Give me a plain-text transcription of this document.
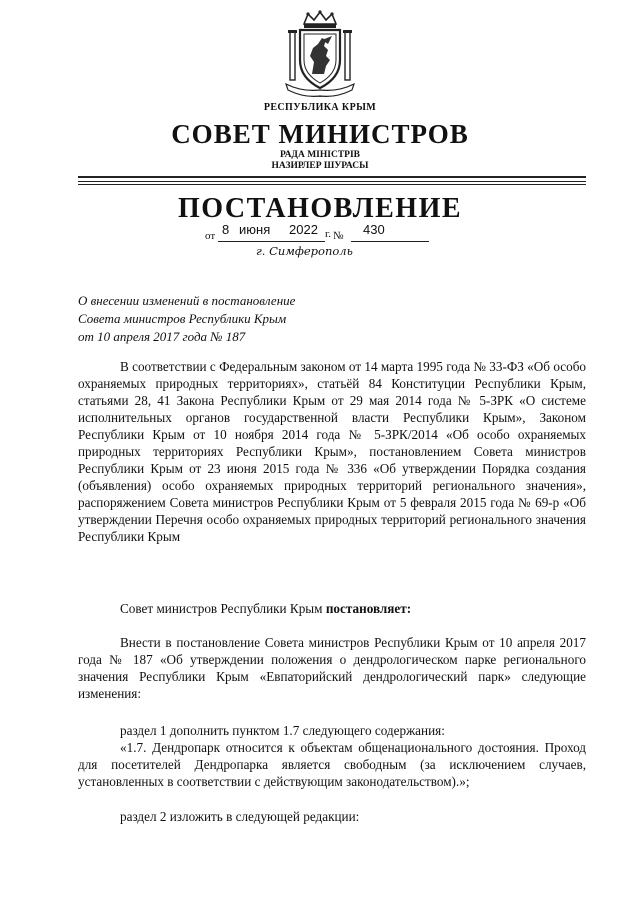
РЕСПУБЛИКА КРЫМ
СОВЕТ МИНИСТРОВ
РАДА МІНІСТРІВ
НАЗИРЛЕР ШУРАСЫ
ПОСТАНОВЛЕНИЕ
от 8 июня 2022 г. № 430
г. Симферополь
О внесении изменений в постановление
Совета министров Республики Крым
от 10 апреля 2017 года № 187
В соответствии с Федеральным законом от 14 марта 1995 года № 33-ФЗ «Об особо охраняемых природных территориях», статьёй 84 Конституции Республики Крым, статьями 28, 41 Закона Республики Крым от 29 мая 2014 года № 5-ЗРК «О системе исполнительных органов государственной власти Республики Крым», Законом Республики Крым от 10 ноября 2014 года № 5-ЗРК/2014 «Об особо охраняемых природных территориях Республики Крым», постановлением Совета министров Республики Крым от 23 июня 2015 года № 336 «Об утверждении Порядка создания (объявления) особо охраняемых природных территорий регионального значения», распоряжением Совета министров Республики Крым от 5 февраля 2015 года № 69-р «Об утверждении Перечня особо охраняемых природных территорий регионального значения Республики Крым
Совет министров Республики Крым постановляет:
Внести в постановление Совета министров Республики Крым от 10 апреля 2017 года № 187 «Об утверждении положения о дендрологическом парке регионального значения Республики Крым «Евпаторийский дендрологический парк» следующие изменения:
раздел 1 дополнить пунктом 1.7 следующего содержания:
«1.7. Дендропарк относится к объектам общенационального достояния. Проход для посетителей Дендропарка является свободным (за исключением случаев, установленных в соответствии с действующим законодательством).»;
раздел 2 изложить в следующей редакции:
